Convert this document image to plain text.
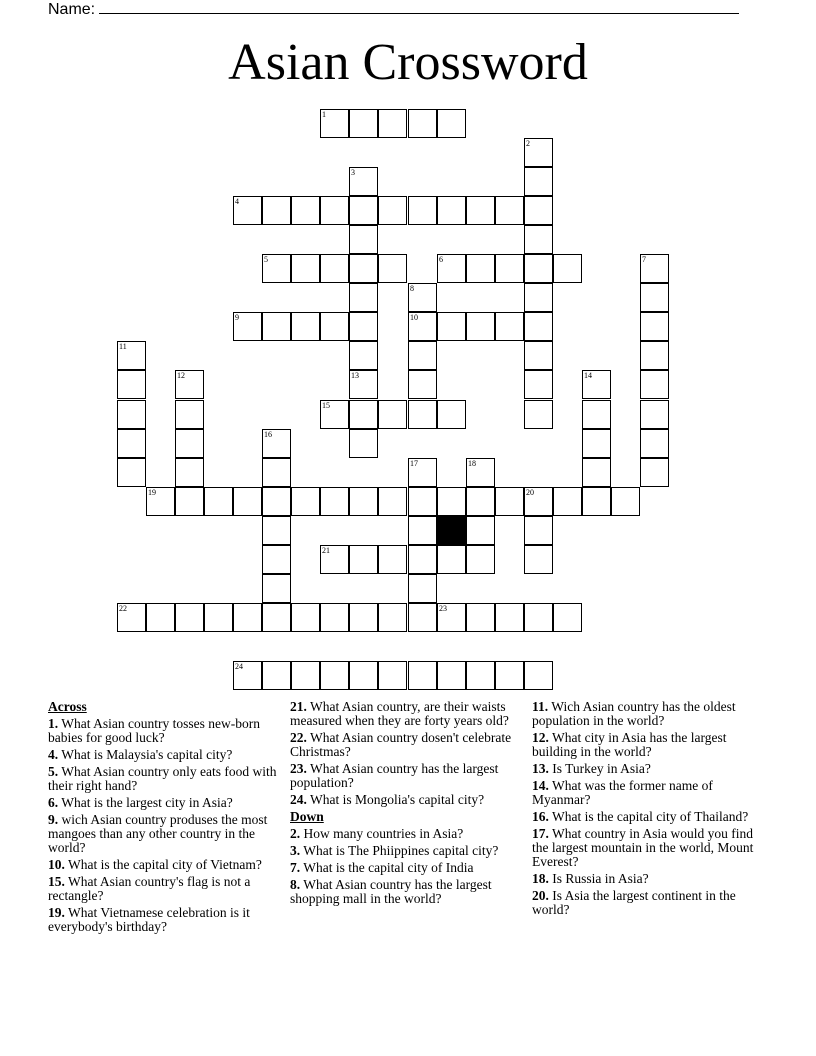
Name:
Asian Crossword
1
4
5	6
9	10
15
19	20
21
22	23
24
2
3
13
7
8
11
12	14
16
17	18
Across
1. What Asian country tosses new-born babies for good luck?
4. What is Malaysia's capital city?
5. What Asian country only eats food with their right hand?
6. What is the largest city in Asia?
9. wich Asian country produses the most mangoes than any other country in the world?
10. What is the capital city of Vietnam?
15. What Asian country's flag is not a rectangle?
19. What Vietnamese celebration is it everybody's birthday?
21. What Asian country, are their waists measured when they are forty years old?
22. What Asian country dosen't celebrate Christmas?
23. What Asian country has the largest population?
24. What is Mongolia's capital city?
Down
2. How many countries in Asia?
3. What is The Phiippines capital city?
7. What is the capital city of India
8. What Asian country has the largest shopping mall in the world?
11. Wich Asian country has the oldest population in the world?
12. What city in Asia has the largest building in the world?
13. Is Turkey in Asia?
14. What was the former name of Myanmar?
16. What is the capital city of Thailand?
17. What country in Asia would you find the largest mountain in the world, Mount Everest?
18. Is Russia in Asia?
20. Is Asia the largest continent in the world?
